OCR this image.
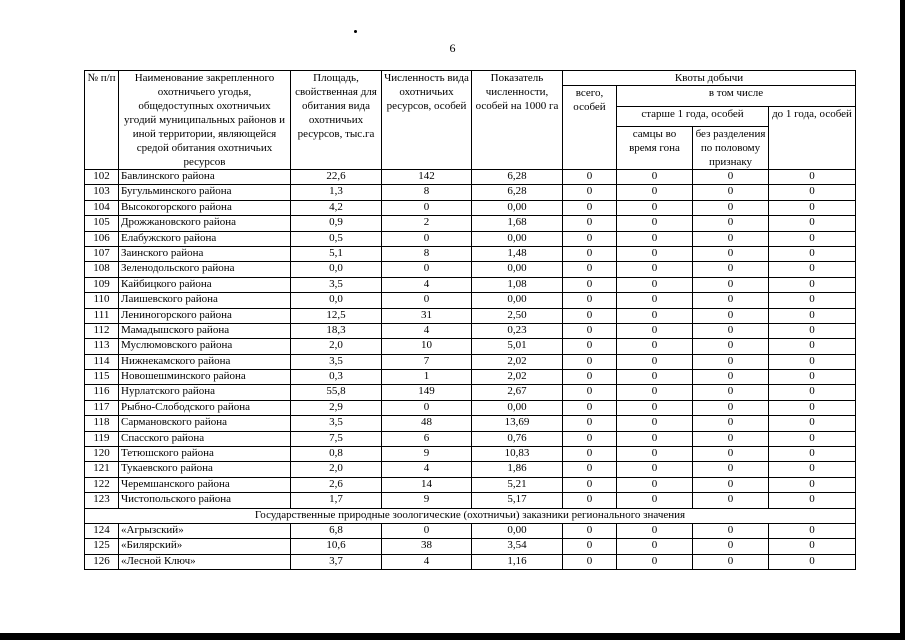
6
№ п/п	Наименование закрепленного охотничьего угодья, общедоступных охотничьих угодий муниципальных районов и иной территории, являющейся средой обитания охотничьих ресурсов	Площадь, свойственная для обитания вида охотничьих ресурсов, тыс.га	Численность вида охотничьих ресурсов, особей	Показатель численности, особей на 1000 га	Квоты добычи			
					всего, особей	в том числе		
						старше 1 года, особей		до 1 года, особей
						самцы во время гона	без разделения по половому признаку	
102	Бавлинского района	22,6	142	6,28	0	0	0	0
103	Бугульминского района	1,3	8	6,28	0	0	0	0
104	Высокогорского района	4,2	0	0,00	0	0	0	0
105	Дрожжановского района	0,9	2	1,68	0	0	0	0
106	Елабужского района	0,5	0	0,00	0	0	0	0
107	Заинского района	5,1	8	1,48	0	0	0	0
108	Зеленодольского района	0,0	0	0,00	0	0	0	0
109	Кайбицкого района	3,5	4	1,08	0	0	0	0
110	Лаишевского района	0,0	0	0,00	0	0	0	0
111	Лениногорского района	12,5	31	2,50	0	0	0	0
112	Мамадышского района	18,3	4	0,23	0	0	0	0
113	Муслюмовского района	2,0	10	5,01	0	0	0	0
114	Нижнекамского района	3,5	7	2,02	0	0	0	0
115	Новошешминского района	0,3	1	2,02	0	0	0	0
116	Нурлатского района	55,8	149	2,67	0	0	0	0
117	Рыбно-Слободского района	2,9	0	0,00	0	0	0	0
118	Сармановского района	3,5	48	13,69	0	0	0	0
119	Спасского района	7,5	6	0,76	0	0	0	0
120	Тетюшского района	0,8	9	10,83	0	0	0	0
121	Тукаевского района	2,0	4	1,86	0	0	0	0
122	Черемшанского района	2,6	14	5,21	0	0	0	0
123	Чистопольского района	1,7	9	5,17	0	0	0	0
Государственные природные зоологические (охотничьи) заказники регионального значения								
124	«Агрызский»	6,8	0	0,00	0	0	0	0
125	«Билярский»	10,6	38	3,54	0	0	0	0
126	«Лесной Ключ»	3,7	4	1,16	0	0	0	0
